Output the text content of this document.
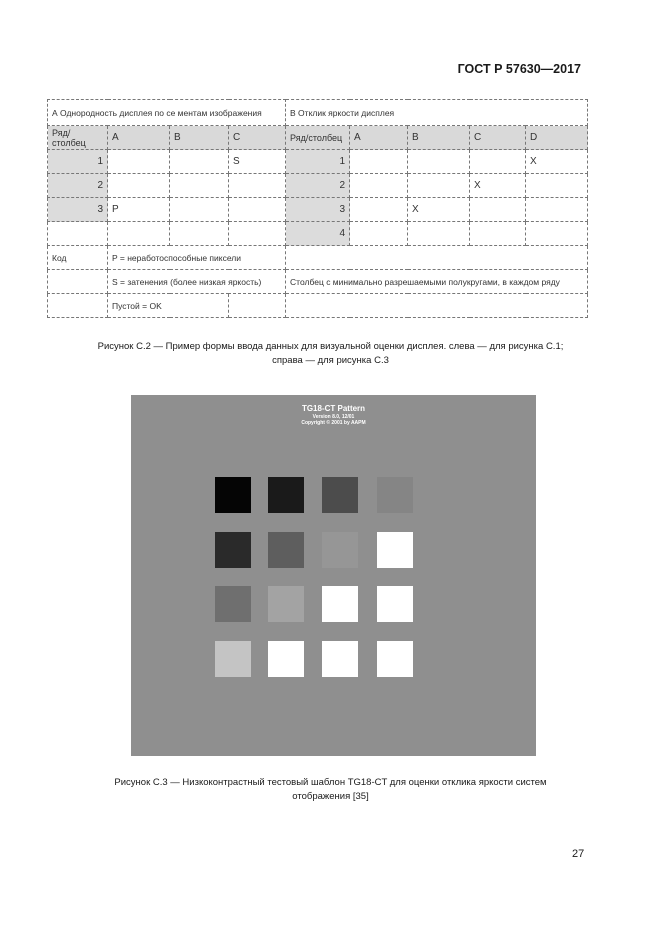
ГОСТ Р 57630—2017
А Однородность дисплея по се ментам изображения				В Отклик яркости дисплея				
Ряд/столбец	A	B	C	Ряд/столбец	A	B	C	D
1			S	1				X
2				2			X	
3	P			3		X		
				4				
Код	P = неработоспособные пиксели							
	S = затенения (более низкая яркость)			Столбец с минимально разрешаемыми полукругами, в каждом ряду				
	Пустой = OK							
Рисунок С.2 — Пример формы ввода данных для визуальной оценки дисплея. слева — для рисунка С.1;
справа — для рисунка С.3
TG18-CT Pattern
Version 8.0, 12/01
Copyright © 2001 by AAPM
Рисунок С.3 — Низкоконтрастный тестовый шаблон TG18-CT для оценки отклика яркости систем
отображения [35]
27
